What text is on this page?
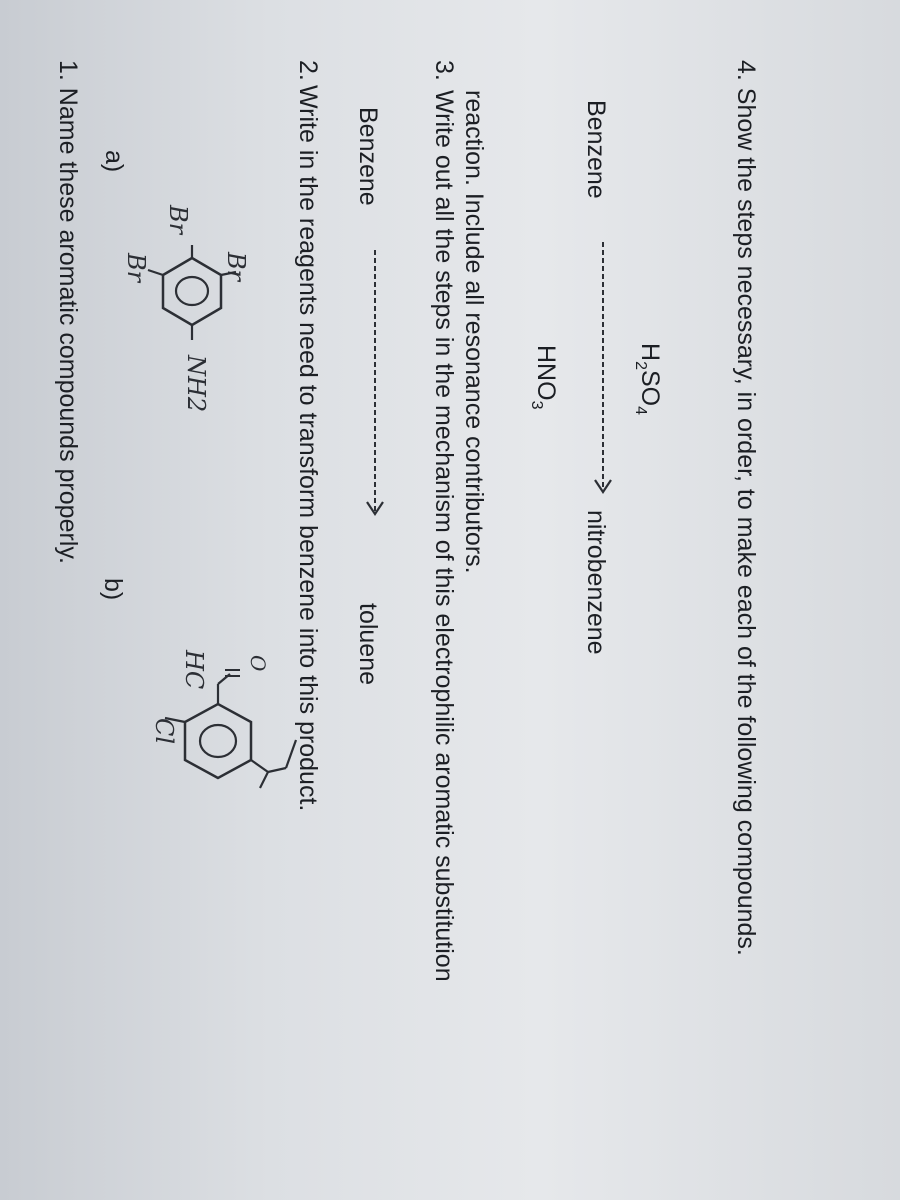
1. Name these aromatic compounds properly. a)
b)
NH2
Br	Br
Br
O
HC
Cl
2.
Write in the reagents need to transform benzene into this product. Benzene
toluene
3.
Write out all the steps in the mechanism of this electrophilic aromatic substitution reaction. Include all resonance contributors. $HNO_3$
Benzene
nitrobenzene
$H_2SO_4$	4. Show the steps necessary, in order, to make each of the following compounds.
